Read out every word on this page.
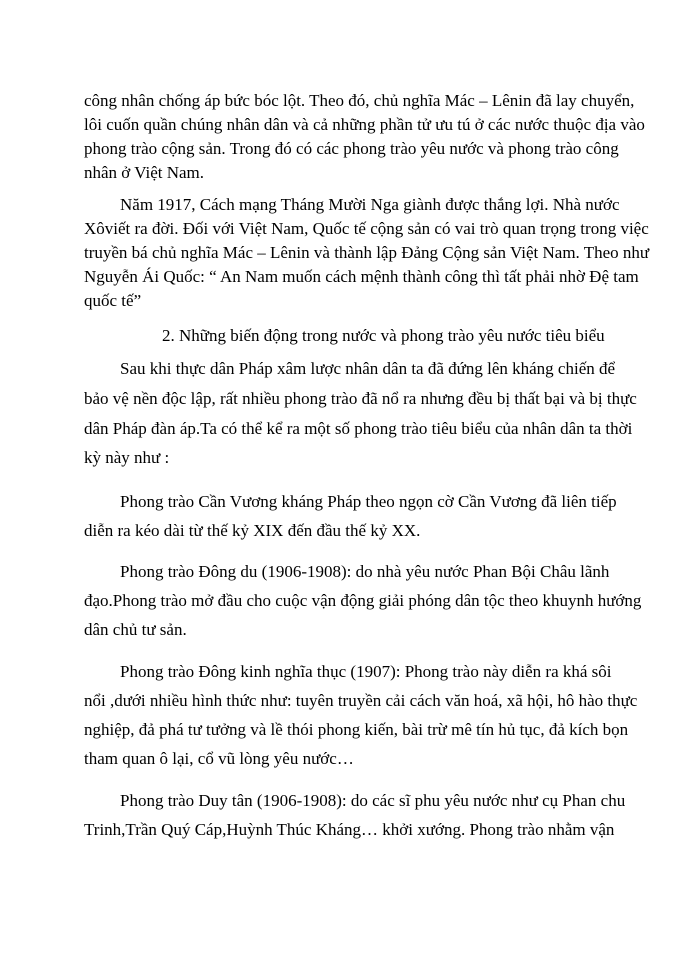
công nhân chống áp bức bóc lột. Theo đó, chủ nghĩa Mác – Lênin đã lay chuyển,
lôi cuốn quần chúng nhân dân và cả những phần tử ưu tú ở các nước thuộc địa vào
phong trào cộng sản. Trong đó có các phong trào yêu nước và phong trào công
nhân ở Việt Nam.
Năm 1917, Cách mạng Tháng Mười Nga giành được thắng lợi. Nhà nước
Xôviết ra đời. Đối với Việt Nam, Quốc tế cộng sản có vai trò quan trọng trong việc
truyền bá chủ nghĩa Mác – Lênin và thành lập Đảng Cộng sản Việt Nam. Theo như
Nguyễn Ái Quốc: “ An Nam muốn cách mệnh thành công thì tất phải nhờ Đệ tam
quốc tế”
2. Những biến động trong nước và phong trào yêu nước tiêu biểu
Sau khi thực dân Pháp xâm lược nhân dân ta đã đứng lên kháng chiến để
bảo vệ nền độc lập, rất nhiều phong trào đã nổ ra nhưng đều bị thất bại và bị thực
dân Pháp đàn áp.Ta có thể kể ra một số phong trào tiêu biểu của nhân dân ta thời
kỳ này như :
Phong trào Cần Vương kháng Pháp theo ngọn cờ Cần Vương đã liên tiếp
diễn ra kéo dài từ thế kỷ XIX đến đầu thế kỷ XX.
Phong trào Đông du (1906-1908): do nhà yêu nước Phan Bội Châu lãnh
đạo.Phong trào mở đầu cho cuộc vận động giải phóng dân tộc theo khuynh hướng
dân chủ tư sản.
Phong trào Đông kinh nghĩa thục (1907): Phong trào này diễn ra khá sôi
nổi ,dưới nhiều hình thức như: tuyên truyền cải cách văn hoá, xã hội, hô hào thực
nghiệp, đả phá tư tưởng và lề thói phong kiến, bài trừ mê tín hủ tục, đả kích bọn
tham quan ô lại, cổ vũ lòng yêu nước…
Phong trào Duy tân (1906-1908): do các sĩ phu yêu nước như cụ Phan chu
Trinh,Trần Quý Cáp,Huỳnh Thúc Kháng… khởi xướng. Phong trào nhằm vận
